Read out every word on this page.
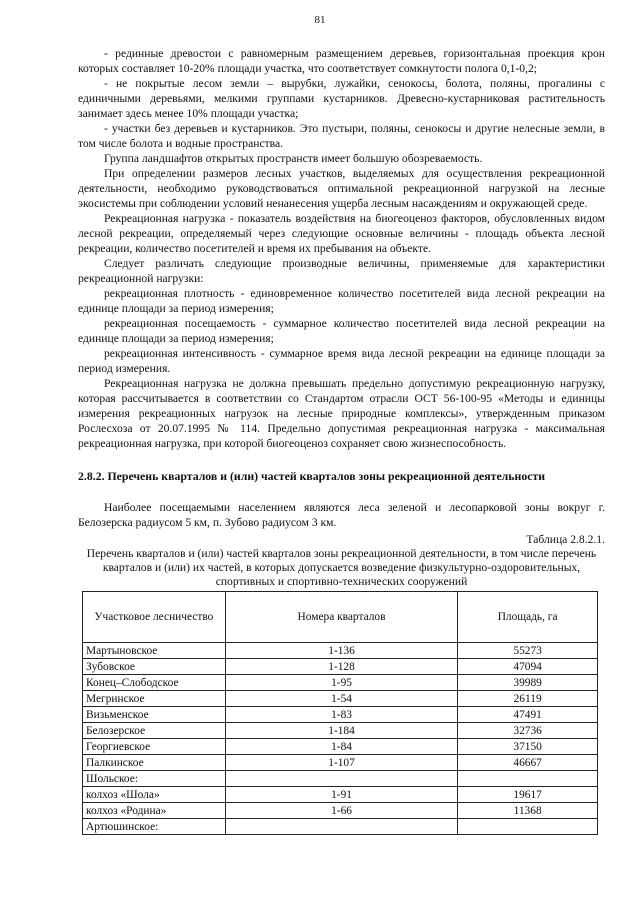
81

- рединные древостои с равномерным размещением деревьев, горизонтальная проекция крон которых составляет 10-20% площади участка, что соответствует сомкнутости полога 0,1-0,2;

- не покрытые лесом земли – вырубки, лужайки, сенокосы, болота, поляны, прогалины с единичными деревьями, мелкими группами кустарников. Древесно-кустарниковая растительность занимает здесь менее 10% площади участка;

- участки без деревьев и кустарников. Это пустыри, поляны, сенокосы и другие нелесные земли, в том числе болота и водные пространства.

Группа ландшафтов открытых пространств имеет большую обозреваемость.

При определении размеров лесных участков, выделяемых для осуществления рекреационной деятельности, необходимо руководствоваться оптимальной рекреационной нагрузкой на лесные экосистемы при соблюдении условий ненанесения ущерба лесным насаждениям и окружающей среде.

Рекреационная нагрузка - показатель воздействия на биогеоценоз факторов, обусловленных видом лесной рекреации, определяемый через следующие основные величины - площадь объекта лесной рекреации, количество посетителей и время их пребывания на объекте.

Следует различать следующие производные величины, применяемые для характеристики рекреационной нагрузки:

рекреационная плотность - единовременное количество посетителей вида лесной рекреации на единице площади за период измерения;

рекреационная посещаемость - суммарное количество посетителей вида лесной рекреации на единице площади за период измерения;

рекреационная интенсивность - суммарное время вида лесной рекреации на единице площади за период измерения.

Рекреационная нагрузка не должна превышать предельно допустимую рекреационную нагрузку, которая рассчитывается в соответствии со Стандартом отрасли ОСТ 56-100-95 «Методы и единицы измерения рекреационных нагрузок на лесные природные комплексы», утвержденным приказом Рослесхоза от 20.07.1995 № 114. Предельно допустимая рекреационная нагрузка - максимальная рекреационная нагрузка, при которой биогеоценоз сохраняет свою жизнеспособность.

2.8.2. Перечень кварталов и (или) частей кварталов зоны рекреационной деятельности

Наиболее посещаемыми населением являются леса зеленой и лесопарковой зоны вокруг г. Белозерска радиусом 5 км, п. Зубово радиусом 3 км.

Таблица 2.8.2.1.
Перечень кварталов и (или) частей кварталов зоны рекреационной деятельности, в том числе перечень кварталов и (или) их частей, в которых допускается возведение физкультурно-оздоровительных, спортивных и спортивно-технических сооружений
Участковое лесничество	Номера кварталов	Площадь, га
Мартыновское	1-136	55273
Зубовское	1-128	47094
Конец–Слободское	1-95	39989
Мегринское	1-54	26119
Визьменское	1-83	47491
Белозерское	1-184	32736
Георгиевское	1-84	37150
Палкинское	1-107	46667
Шольское:		
колхоз «Шола»	1-91	19617
колхоз «Родина»	1-66	11368
Артюшинское:		
